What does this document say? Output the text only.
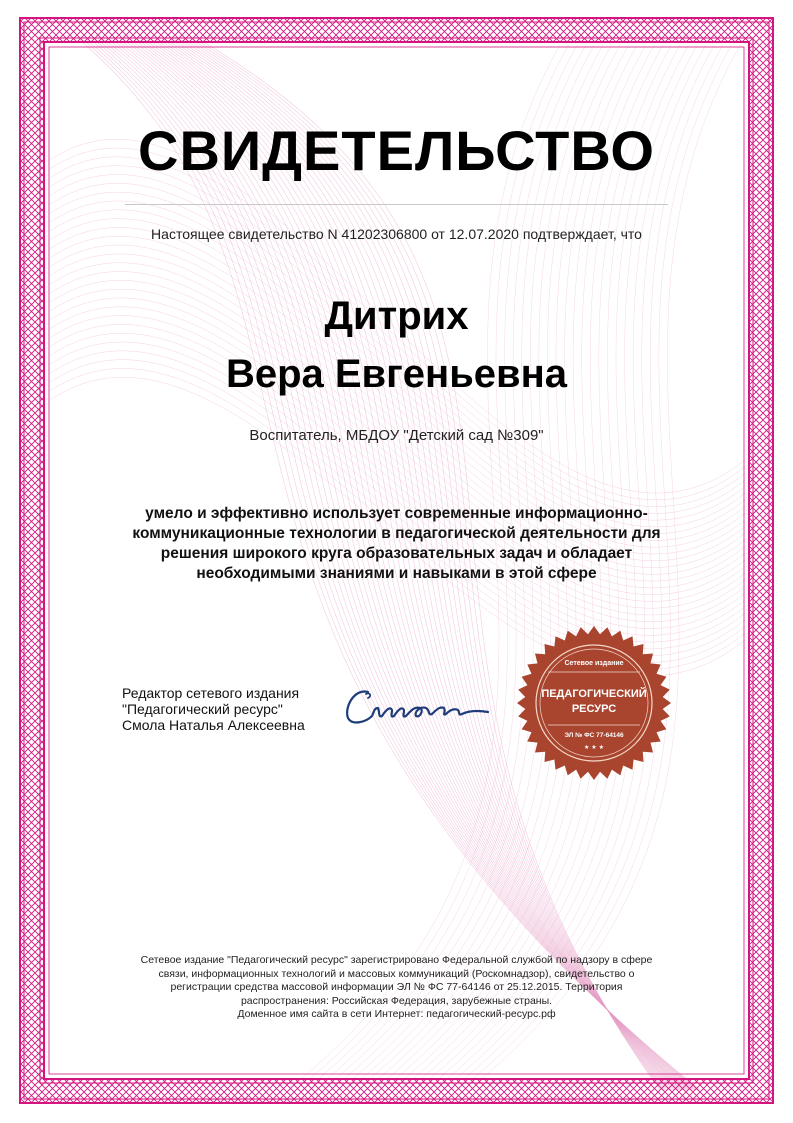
СВИДЕТЕЛЬСТВО
Настоящее свидетельство N 41202306800 от 12.07.2020 подтверждает, что
Дитрих
Вера Евгеньевна
Воспитатель, МБДОУ "Детский сад №309"
умело и эффективно использует современные информационно-коммуникационные технологии в педагогической деятельности для решения широкого круга образовательных задач и обладает необходимыми знаниями и навыками в этой сфере
Редактор сетевого издания
"Педагогический ресурс"
Смола Наталья Алексеевна
Сетевое издание
ПЕДАГОГИЧЕСКИЙ
РЕСУРС
ЭЛ № ФС 77-64146
★ ★ ★
Сетевое издание "Педагогический ресурс" зарегистрировано Федеральной службой по надзору в сфере
связи, информационных технологий и массовых коммуникаций (Роскомнадзор), свидетельство о
регистрации средства массовой информации ЭЛ № ФС 77-64146 от 25.12.2015. Территория
распространения: Российская Федерация, зарубежные страны.
Доменное имя сайта в сети Интернет: педагогический-ресурс.рф
